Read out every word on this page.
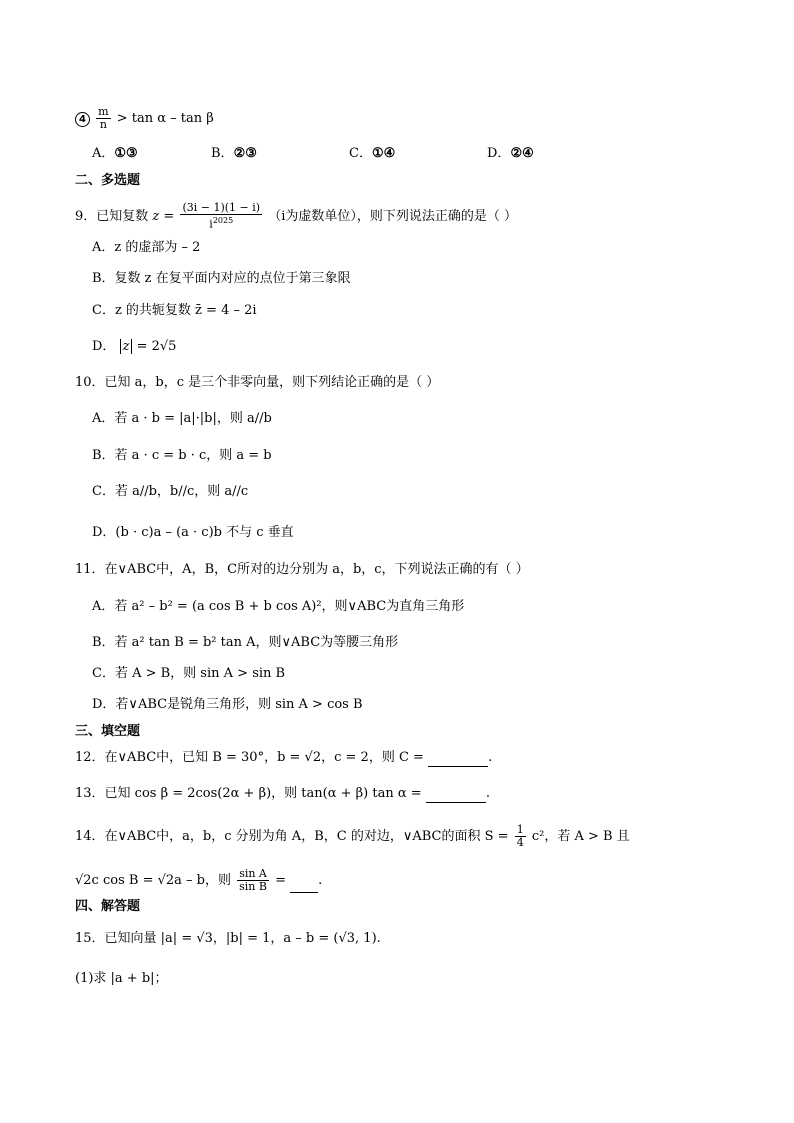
$4 \frac{m}{n} > \tan \alpha - \tan \beta$
A．①③	B．②③	C．①④	D．②④
二、多选题
9．已知复数 $z = \frac{(3i - 1)(1 - i)}{i^{2025}} (i$为虚数单位），则下列说法正确的是（ ）
A．z 的虚部为 – 2
B．复数 z 在复平面内对应的点位于第三象限
C．z 的共轭复数 z̄ = 4 – 2i
D． z = 2√5
10．已知 a，b，c 是三个非零向量，则下列结论正确的是（ ）
A．若 a · b = |a|·|b|，则 a//b
B．若 a · c = b · c，则 a = b
C．若 a//b，b//c，则 a//c
D．(b · c)a – (a · c)b 不与 c 垂直
11．在∨ABC中，A，B，C所对的边分别为 a，b，c，下列说法正确的有（ ）
A．若 a² – b² = (a cos B + b cos A)²，则∨ABC为直角三角形
B．若 a² tan B = b² tan A，则∨ABC为等腰三角形
C．若 A > B，则 sin A > sin B
D．若∨ABC是锐角三角形，则 sin A > cos B
三、填空题
12．在∨ABC中，已知 B = 30°，b = √2，c = 2，则 C =	.
13．已知 cos β = 2cos(2α + β)，则 tan(α + β) tan α =	.
14．在∨ABC中，a，b，c 分别为角 A，B，C 的对边，∨ABC的面积 $S = \frac{1}{4} c^2$，若 A > B 且
√2c cos B = √2a – b，则 $\frac{\text{sin A}}{\text{sin B}}$ = .
四、解答题
15．已知向量 |a| = √3，|b| = 1，a – b = (√3, 1).
(1)求 |a + b|；
